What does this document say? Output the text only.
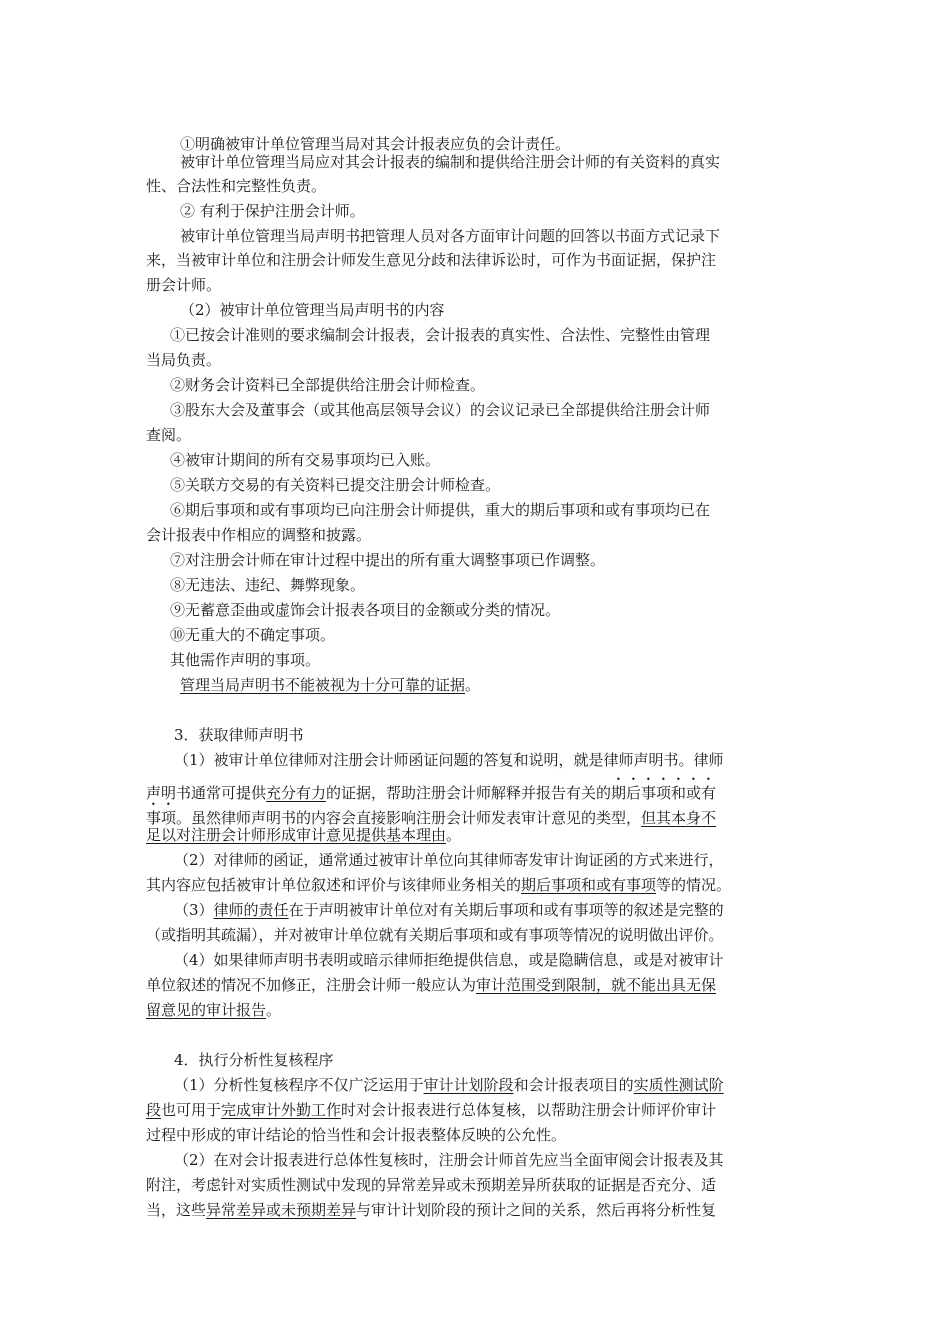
①明确被审计单位管理当局对其会计报表应负的会计责任。
被审计单位管理当局应对其会计报表的编制和提供给注册会计师的有关资料的真实
性、合法性和完整性负责。
② 有利于保护注册会计师。
被审计单位管理当局声明书把管理人员对各方面审计问题的回答以书面方式记录下
来，当被审计单位和注册会计师发生意见分歧和法律诉讼时，可作为书面证据，保护注
册会计师。
（2）被审计单位管理当局声明书的内容
①已按会计准则的要求编制会计报表，会计报表的真实性、合法性、完整性由管理
当局负责。
②财务会计资料已全部提供给注册会计师检查。
③股东大会及董事会（或其他高层领导会议）的会议记录已全部提供给注册会计师
查阅。
④被审计期间的所有交易事项均已入账。
⑤关联方交易的有关资料已提交注册会计师检查。
⑥期后事项和或有事项均已向注册会计师提供，重大的期后事项和或有事项均已在
会计报表中作相应的调整和披露。
⑦对注册会计师在审计过程中提出的所有重大调整事项已作调整。
⑧无违法、违纪、舞弊现象。
⑨无蓄意歪曲或虚饰会计报表各项目的金额或分类的情况。
⑩无重大的不确定事项。
其他需作声明的事项。
管理当局声明书不能被视为十分可靠的证据。
3．获取律师声明书
（1）被审计单位律师对注册会计师函证问题的答复和说明，就是律师声明书。律师
声明书通常可提供充分有力的证据，帮助注册会计师解释并报告有关的期后事项和或有
事项。虽然律师声明书的内容会直接影响注册会计师发表审计意见的类型，但其本身不
足以对注册会计师形成审计意见提供基本理由。
（2）对律师的函证，通常通过被审计单位向其律师寄发审计询证函的方式来进行，
其内容应包括被审计单位叙述和评价与该律师业务相关的期后事项和或有事项等的情况。
（3）律师的责任在于声明被审计单位对有关期后事项和或有事项等的叙述是完整的
（或指明其疏漏），并对被审计单位就有关期后事项和或有事项等情况的说明做出评价。
（4）如果律师声明书表明或暗示律师拒绝提供信息，或是隐瞒信息，或是对被审计
单位叙述的情况不加修正，注册会计师一般应认为审计范围受到限制，就不能出具无保
留意见的审计报告。
4．执行分析性复核程序
（1）分析性复核程序不仅广泛运用于审计计划阶段和会计报表项目的实质性测试阶
段也可用于完成审计外勤工作时对会计报表进行总体复核，以帮助注册会计师评价审计
过程中形成的审计结论的恰当性和会计报表整体反映的公允性。
（2）在对会计报表进行总体性复核时，注册会计师首先应当全面审阅会计报表及其
附注，考虑针对实质性测试中发现的异常差异或未预期差异所获取的证据是否充分、适
当，这些异常差异或未预期差异与审计计划阶段的预计之间的关系，然后再将分析性复
